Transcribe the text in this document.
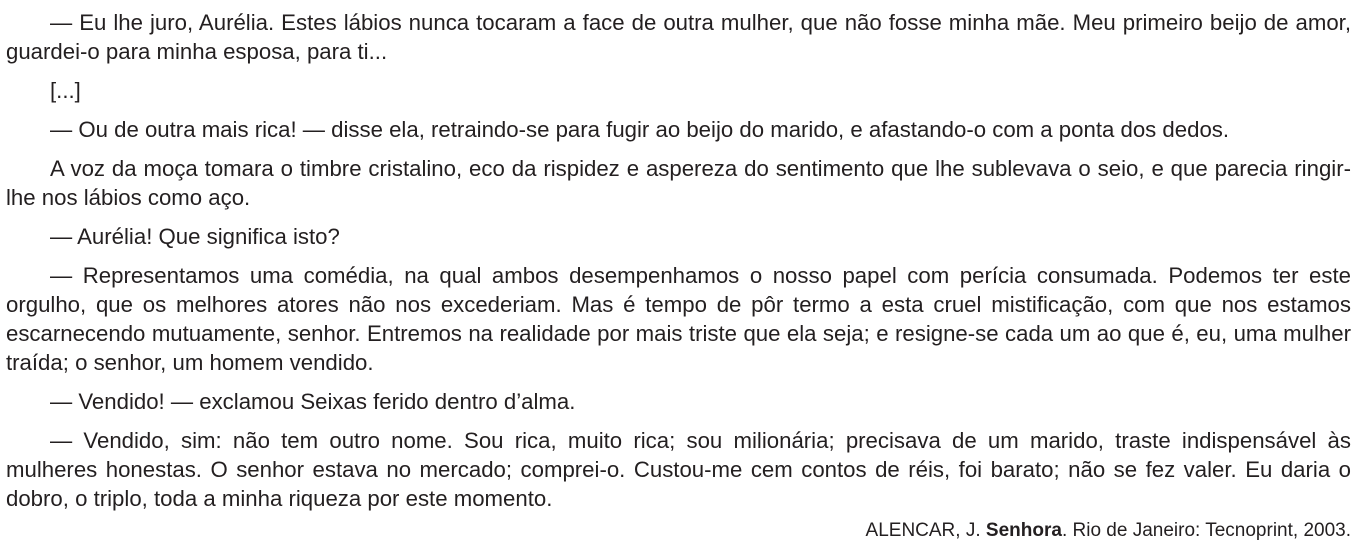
— Eu lhe juro, Aurélia. Estes lábios nunca tocaram a face de outra mulher, que não fosse minha mãe. Meu primeiro beijo de amor, guardei-o para minha esposa, para ti...

[...]

— Ou de outra mais rica! — disse ela, retraindo-se para fugir ao beijo do marido, e afastando-o com a ponta dos dedos.

A voz da moça tomara o timbre cristalino, eco da rispidez e aspereza do sentimento que lhe sublevava o seio, e que parecia ringir-lhe nos lábios como aço.

— Aurélia! Que significa isto?

— Representamos uma comédia, na qual ambos desempenhamos o nosso papel com perícia consumada. Podemos ter este orgulho, que os melhores atores não nos excederiam. Mas é tempo de pôr termo a esta cruel mistificação, com que nos estamos escarnecendo mutuamente, senhor. Entremos na realidade por mais triste que ela seja; e resigne-se cada um ao que é, eu, uma mulher traída; o senhor, um homem vendido.

— Vendido! — exclamou Seixas ferido dentro d’alma.

— Vendido, sim: não tem outro nome. Sou rica, muito rica; sou milionária; precisava de um marido, traste indispensável às mulheres honestas. O senhor estava no mercado; comprei-o. Custou-me cem contos de réis, foi barato; não se fez valer. Eu daria o dobro, o triplo, toda a minha riqueza por este momento.

ALENCAR, J. Senhora. Rio de Janeiro: Tecnoprint, 2003.
